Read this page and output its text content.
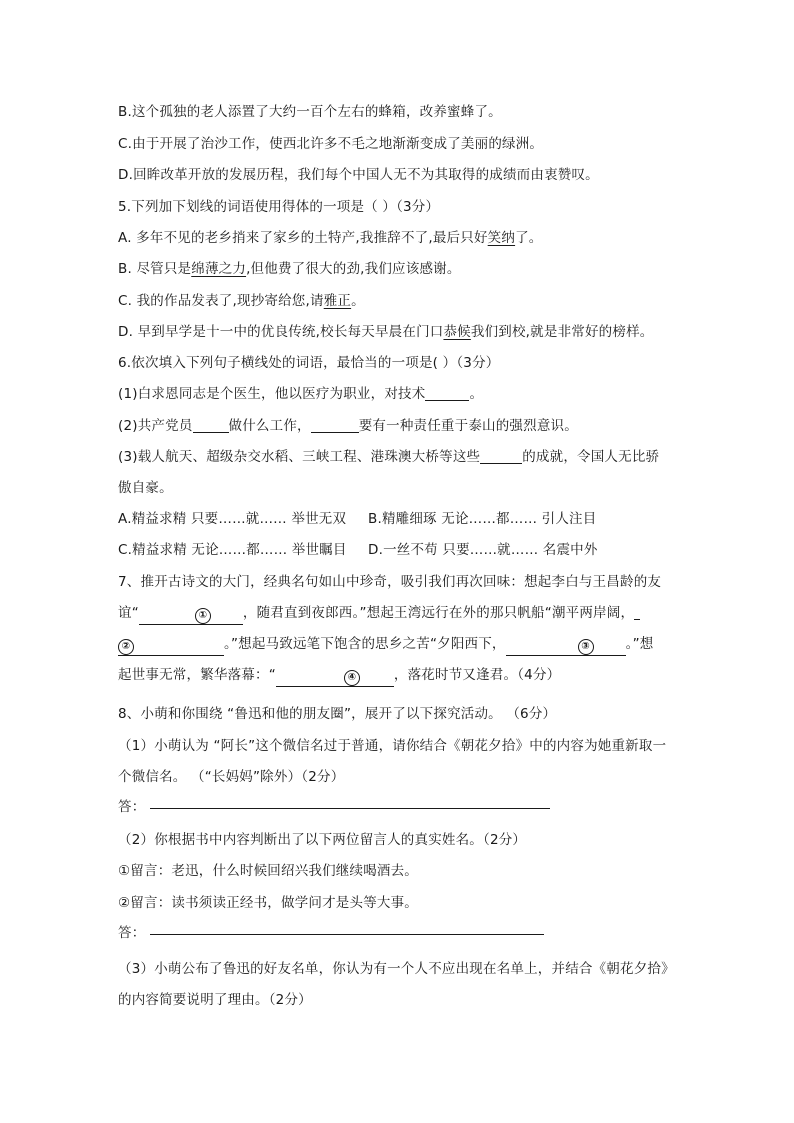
B.这个孤独的老人添置了大约一百个左右的蜂箱，改养蜜蜂了。
C.由于开展了治沙工作，使西北许多不毛之地渐渐变成了美丽的绿洲。
D.回眸改革开放的发展历程，我们每个中国人无不为其取得的成绩而由衷赞叹。
5.下列加下划线的词语使用得体的一项是（ ）（3分）
A. 多年不见的老乡捎来了家乡的土特产,我推辞不了,最后只好笑纳了。
B. 尽管只是绵薄之力,但他费了很大的劲,我们应该感谢。
C. 我的作品发表了,现抄寄给您,请雅正。
D. 早到早学是十一中的优良传统,校长每天早晨在门口恭候我们到校,就是非常好的榜样。
6.依次填入下列句子横线处的词语，最恰当的一项是( ）（3分）
(1)白求恩同志是个医生，他以医疗为职业，对技术	。
(2)共产党员	做什么工作，	要有一种责任重于泰山的强烈意识。
(3)载人航天、超级杂交水稻、三峡工程、港珠澳大桥等这些	的成就，令国人无比骄
傲自豪。
A.精益求精 只要……就…… 举世无双 B.精雕细琢 无论……都…… 引人注目
C.精益求精 无论……都…… 举世瞩目 D.一丝不苟 只要……就…… 名震中外
7、推开古诗文的大门，经典名句如山中珍奇，吸引我们再次回味：想起李白与王昌龄的友
谊“	①	，随君直到夜郎西。”想起王湾远行在外的那只帆船“潮平两岸阔，
②	。”想起马致远笔下饱含的思乡之苦“夕阳西下，	③	。”想
起世事无常，繁华落幕：“	④	，落花时节又逢君。（4分）
8、小萌和你围绕 “鲁迅和他的朋友圈”，展开了以下探究活动。 （6分）
（1）小萌认为 “阿长”这个微信名过于普通，请你结合《朝花夕拾》中的内容为她重新取一
个微信名。 （“长妈妈”除外）（2分）
答：
（2）你根据书中内容判断出了以下两位留言人的真实姓名。（2分）
①留言：老迅，什么时候回绍兴我们继续喝酒去。
②留言：读书须读正经书，做学问才是头等大事。
答：
（3）小萌公布了鲁迅的好友名单，你认为有一个人不应出现在名单上，并结合《朝花夕拾》
的内容简要说明了理由。（2分）
